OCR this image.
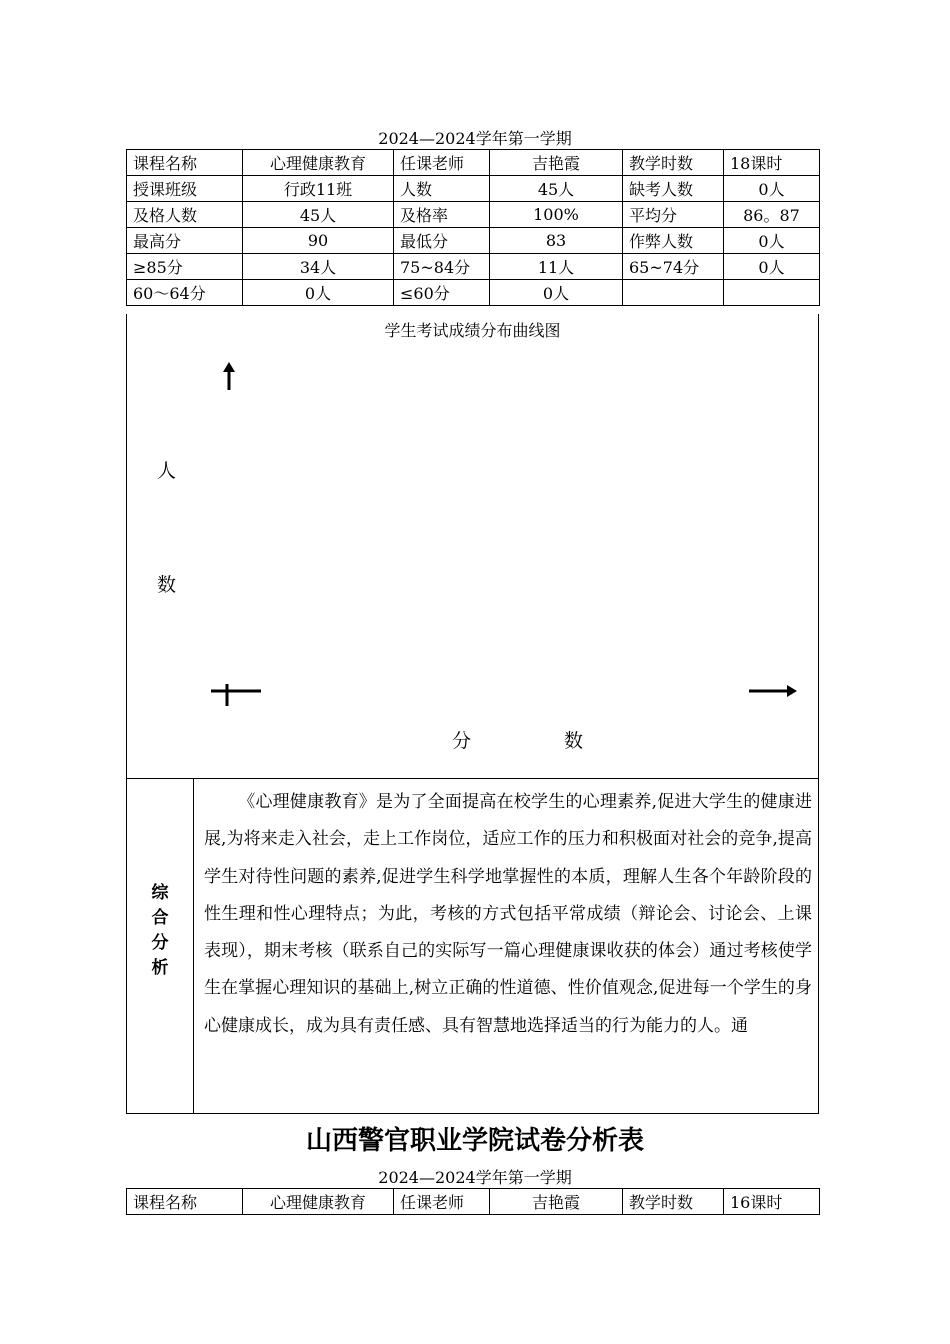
2024—2024学年第一学期
课程名称	心理健康教育	任课老师	吉艳霞	教学时数	18课时
授课班级	行政11班	人数	45人	缺考人数	0人
及格人数	45人	及格率	100%	平均分	86。87
最高分	90	最低分	83	作弊人数	0人
≥85分	34人	75~84分	11人	65~74分	0人
60～64分	0人	≤60分	0人		
学生考试成绩分布曲线图
人
数
分	数
综
合
分
析
《心理健康教育》是为了全面提高在校学生的心理素养,促进大学生的健康进展,为将来走入社会，走上工作岗位，适应工作的压力和积极面对社会的竞争,提高学生对待性问题的素养,促进学生科学地掌握性的本质，理解人生各个年龄阶段的性生理和性心理特点；为此，考核的方式包括平常成绩（辩论会、讨论会、上课表现），期末考核（联系自己的实际写一篇心理健康课收获的体会）通过考核使学生在掌握心理知识的基础上,树立正确的性道德、性价值观念,促进每一个学生的身心健康成长，成为具有责任感、具有智慧地选择适当的行为能力的人。通
山西警官职业学院试卷分析表
2024—2024学年第一学期
课程名称	心理健康教育	任课老师	吉艳霞	教学时数	16课时
